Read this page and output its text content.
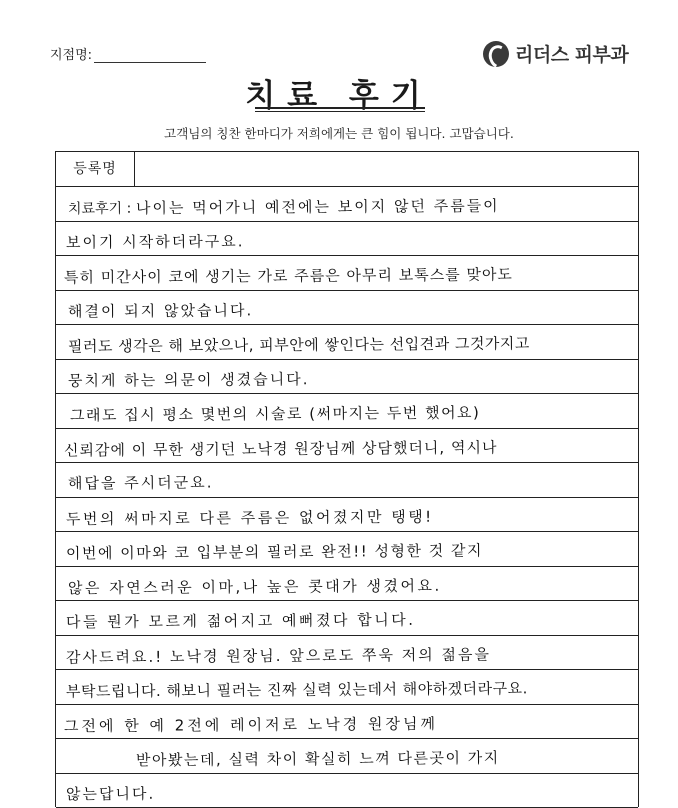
지점명:	리더스 피부과
치료 후기
고객님의 칭찬 한마디가 저희에게는 큰 힘이 됩니다. 고맙습니다.
등록명
치료후기 : 나이는 먹어가니 예전에는 보이지 않던 주름들이
보이기 시작하더라구요.
특히 미간사이 코에 생기는 가로 주름은 아무리 보톡스를 맞아도
해결이 되지 않았습니다.
필러도 생각은 해 보았으나, 피부안에 쌓인다는 선입견과 그것가지고
뭉치게 하는 의문이 생겼습니다.
그래도 집시 평소 몇번의 시술로 (써마지는 두번 했어요)
신뢰감에 이 무한 생기던 노낙경 원장님께 상담했더니, 역시나
해답을 주시더군요.
두번의 써마지로 다른 주름은 없어졌지만 탱탱!
이번에 이마와 코 입부분의 필러로 완전!! 성형한 것 같지
않은 자연스러운 이마,나 높은 콧대가 생겼어요.
다들 뭔가 모르게 젊어지고 예뻐졌다 합니다.
감사드려요.! 노낙경 원장님. 앞으로도 쭈욱 저의 젊음을
부탁드립니다. 해보니 필러는 진짜 실력 있는데서 해야하겠더라구요.
그전에 한 예 2전에 레이저로 노낙경 원장님께
받아봤는데, 실력 차이 확실히 느껴 다른곳이 가지
않는답니다.
